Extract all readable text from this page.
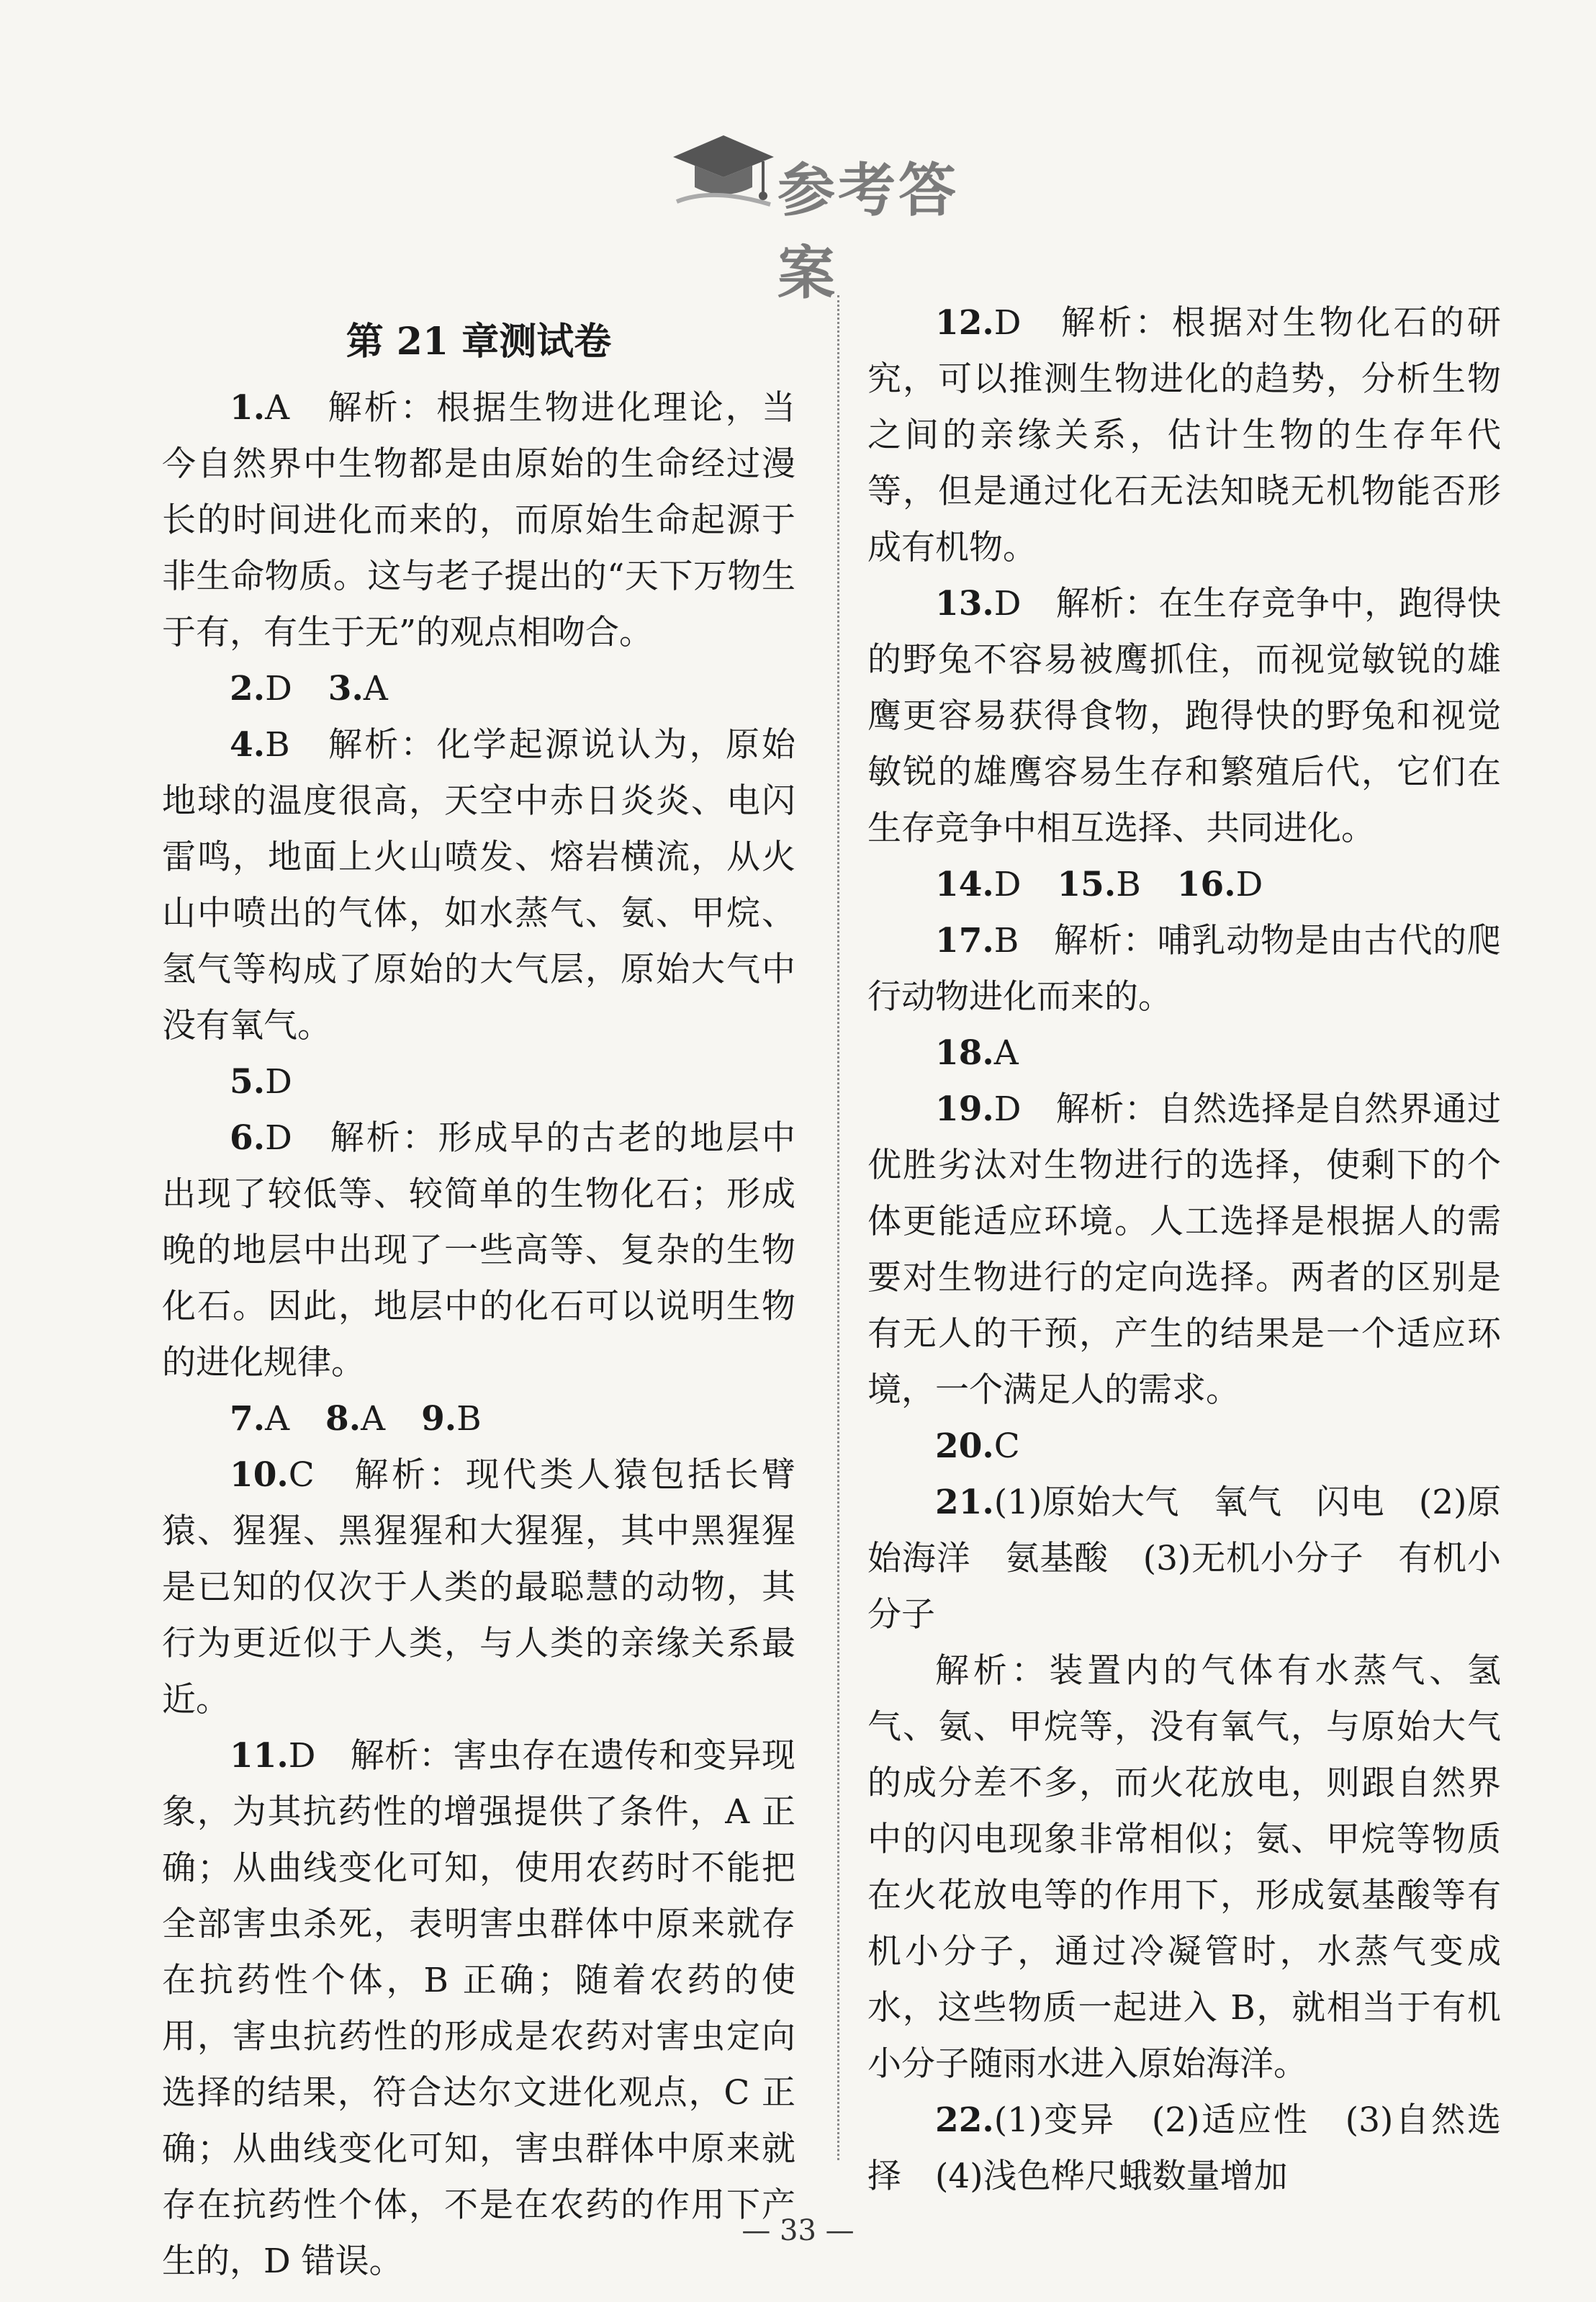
参考答案
第 21 章测试卷

1.A　解析：根据生物进化理论，当今自然界中生物都是由原始的生命经过漫长的时间进化而来的，而原始生命起源于非生命物质。这与老子提出的“天下万物生于有，有生于无”的观点相吻合。

2.D 3.A

4.B　解析：化学起源说认为，原始地球的温度很高，天空中赤日炎炎、电闪雷鸣，地面上火山喷发、熔岩横流，从火山中喷出的气体，如水蒸气、氨、甲烷、氢气等构成了原始的大气层，原始大气中没有氧气。

5.D

6.D　解析：形成早的古老的地层中出现了较低等、较简单的生物化石；形成晚的地层中出现了一些高等、复杂的生物化石。因此，地层中的化石可以说明生物的进化规律。

7.A 8.A 9.B

10.C　解析：现代类人猿包括长臂猿、猩猩、黑猩猩和大猩猩，其中黑猩猩是已知的仅次于人类的最聪慧的动物，其行为更近似于人类，与人类的亲缘关系最近。

11.D　解析：害虫存在遗传和变异现象，为其抗药性的增强提供了条件，A 正确；从曲线变化可知，使用农药时不能把全部害虫杀死，表明害虫群体中原来就存在抗药性个体，B 正确；随着农药的使用，害虫抗药性的形成是农药对害虫定向选择的结果，符合达尔文进化观点，C 正确；从曲线变化可知，害虫群体中原来就存在抗药性个体，不是在农药的作用下产生的，D 错误。

12.D　解析：根据对生物化石的研究，可以推测生物进化的趋势，分析生物之间的亲缘关系，估计生物的生存年代等，但是通过化石无法知晓无机物能否形成有机物。

13.D　解析：在生存竞争中，跑得快的野兔不容易被鹰抓住，而视觉敏锐的雄鹰更容易获得食物，跑得快的野兔和视觉敏锐的雄鹰容易生存和繁殖后代，它们在生存竞争中相互选择、共同进化。

14.D 15.B 16.D

17.B　解析：哺乳动物是由古代的爬行动物进化而来的。

18.A

19.D　解析：自然选择是自然界通过优胜劣汰对生物进行的选择，使剩下的个体更能适应环境。人工选择是根据人的需要对生物进行的定向选择。两者的区别是有无人的干预，产生的结果是一个适应环境，一个满足人的需求。

20.C

21.(1)原始大气　氧气　闪电　(2)原始海洋　氨基酸　(3)无机小分子　有机小分子

解析：装置内的气体有水蒸气、氢气、氨、甲烷等，没有氧气，与原始大气的成分差不多，而火花放电，则跟自然界中的闪电现象非常相似；氨、甲烷等物质在火花放电等的作用下，形成氨基酸等有机小分子，通过冷凝管时，水蒸气变成水，这些物质一起进入 B，就相当于有机小分子随雨水进入原始海洋。

22.(1)变异　(2)适应性　(3)自然选择　(4)浅色桦尺蛾数量增加

— 33 —
